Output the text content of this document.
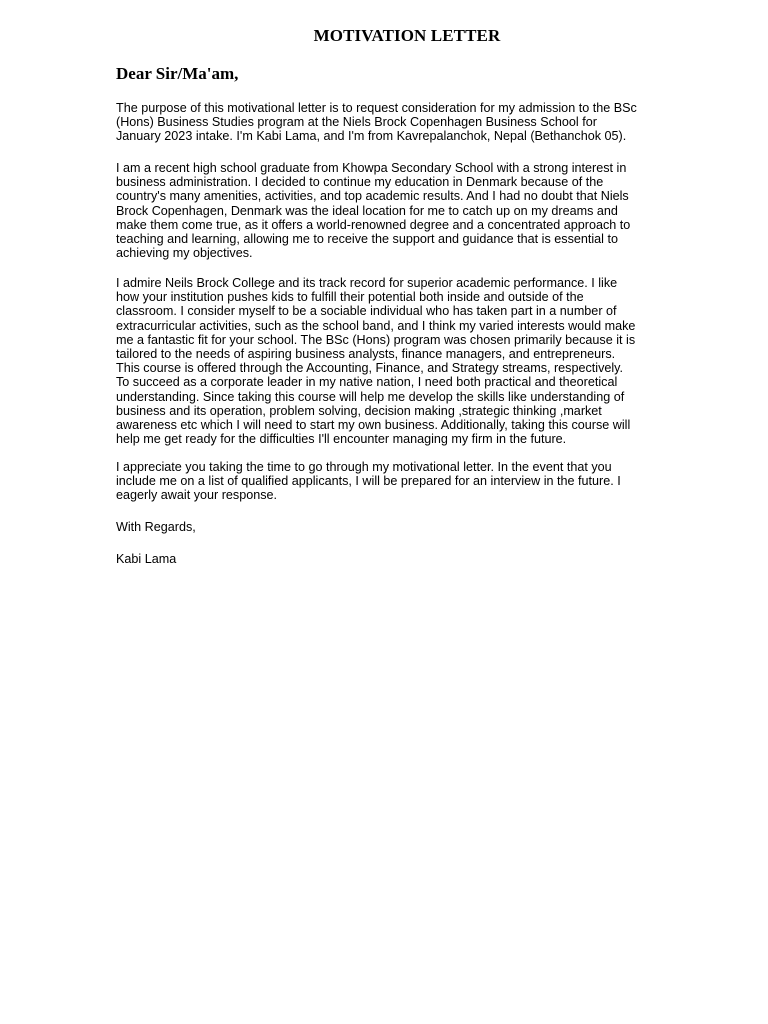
MOTIVATION LETTER
Dear Sir/Ma'am,
The purpose of this motivational letter is to request consideration for my admission to the BSc
(Hons) Business Studies program at the Niels Brock Copenhagen Business School for
January 2023 intake. I'm Kabi Lama, and I'm from Kavrepalanchok, Nepal (Bethanchok 05).
I am a recent high school graduate from Khowpa Secondary School with a strong interest in
business administration. I decided to continue my education in Denmark because of the
country's many amenities, activities, and top academic results. And I had no doubt that Niels
Brock Copenhagen, Denmark was the ideal location for me to catch up on my dreams and
make them come true, as it offers a world-renowned degree and a concentrated approach to
teaching and learning, allowing me to receive the support and guidance that is essential to
achieving my objectives.
I admire Neils Brock College and its track record for superior academic performance. I like
how your institution pushes kids to fulfill their potential both inside and outside of the
classroom. I consider myself to be a sociable individual who has taken part in a number of
extracurricular activities, such as the school band, and I think my varied interests would make
me a fantastic fit for your school. The BSc (Hons) program was chosen primarily because it is
tailored to the needs of aspiring business analysts, finance managers, and entrepreneurs.
This course is offered through the Accounting, Finance, and Strategy streams, respectively.
To succeed as a corporate leader in my native nation, I need both practical and theoretical
understanding. Since taking this course will help me develop the skills like understanding of
business and its operation, problem solving, decision making ,strategic thinking ,market
awareness etc which I will need to start my own business. Additionally, taking this course will
help me get ready for the difficulties I'll encounter managing my firm in the future.
I appreciate you taking the time to go through my motivational letter. In the event that you
include me on a list of qualified applicants, I will be prepared for an interview in the future. I
eagerly await your response.
With Regards,
Kabi Lama
